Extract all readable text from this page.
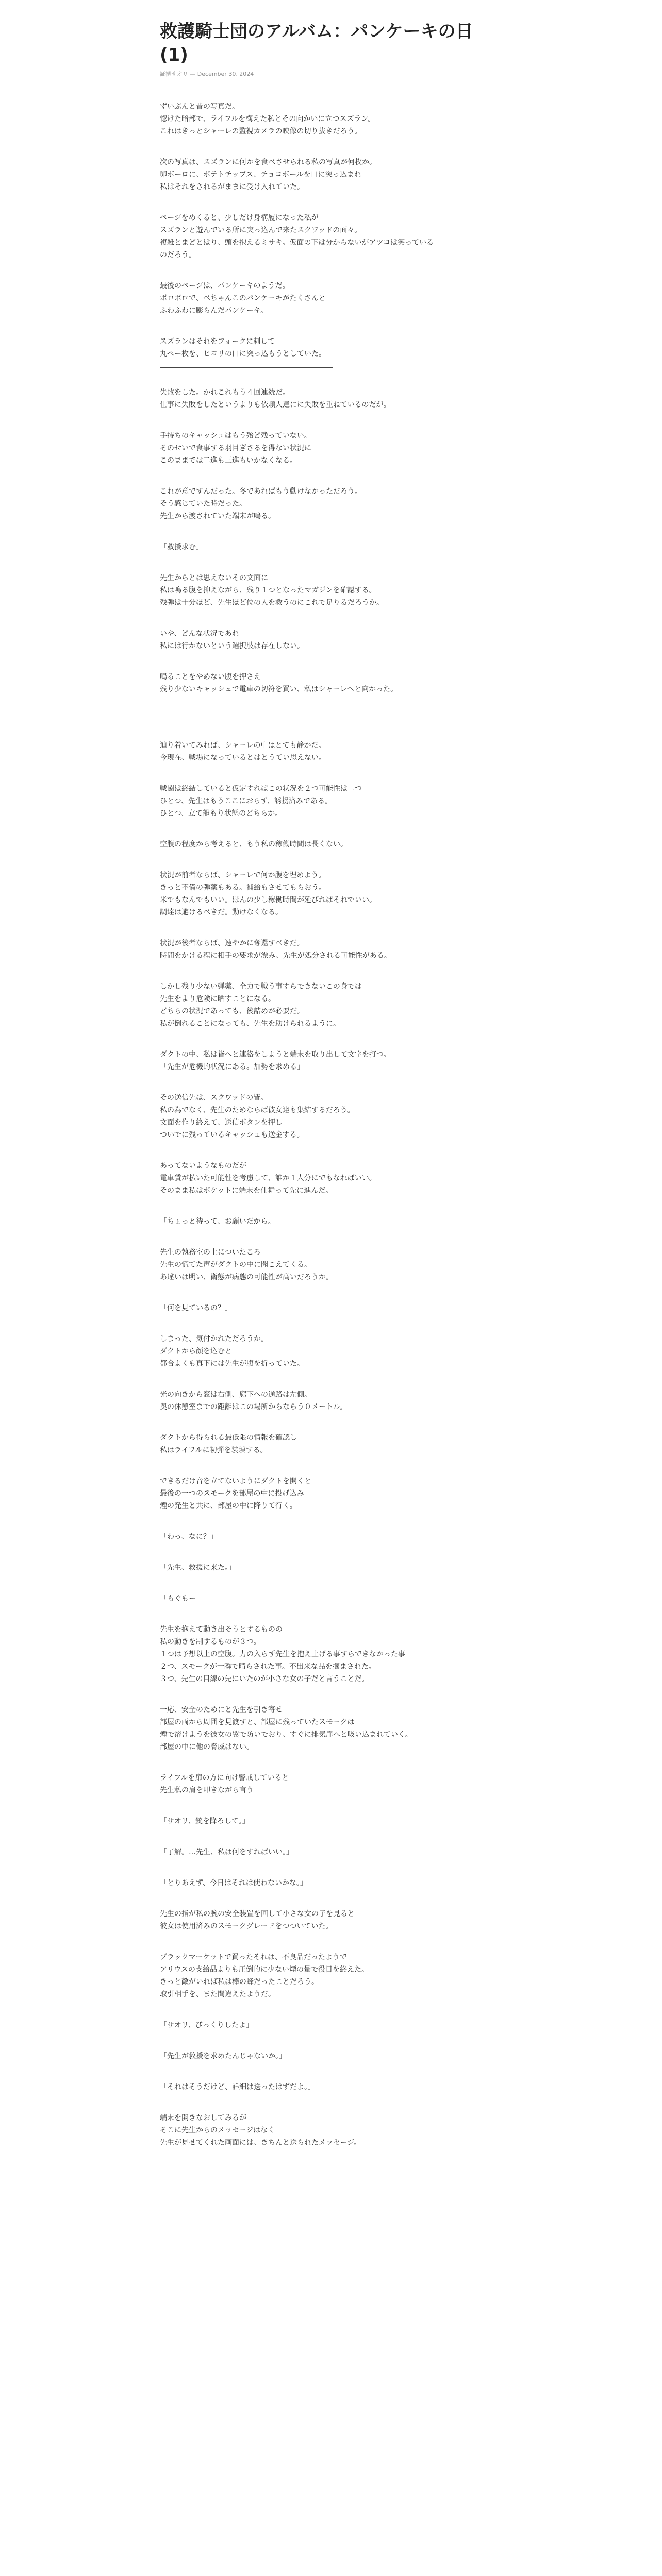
救護騎士団のアルバム：パンケーキの日(1)
証拠サオリ — December 30, 2024
ずいぶんと昔の写真だ。
惚けた暗部で、ライフルを構えた私とその向かいに立つスズラン。
これはきっとシャーレの監視カメラの映像の切り抜きだろう。
次の写真は、スズランに何かを食べさせられる私の写真が何枚か。
卵ボーロに、ポテトチップス、チョコボールを口に突っ込まれ
私はそれをされるがままに受け入れていた。
ページをめくると、少しだけ身構履になった私が
スズランと遊んでいる所に突っ込んで来たスクワッドの面々。
複雑とまどとはり、頭を抱えるミサキ。仮面の下は分からないがアツコは笑っている
のだろう。
最後のページは、パンケーキのようだ。
ボロボロで、ベちゃんこのパンケーキがたくさんと
ふわふわに膨らんだパンケーキ。
スズランはそれをフォークに刺して
丸ぺー枚を、ヒヨリの口に突っ込もうとしていた。
失敗をした。かれこれもう４回連続だ。
仕事に失敗をしたというよりも依頼人達にに失敗を重ねているのだが。
手持ちのキャッシュはもう殆ど残っていない。
そのせいで食事する羽目ぎさるを得ない状況に
このままでは二進も三進もいかなくなる。
これが意ですんだった。冬であればもう動けなかっただろう。
そう感じていた時だった。
先生から渡されていた端末が鳴る。
「救援求む」
先生からとは思えないその文面に
私は鳴る腹を抑えながら、残り１つとなったマガジンを確認する。
残弾は十分ほど、先生ほど位の人を救うのにこれで足りるだろうか。
いや、どんな状況であれ
私には行かないという選択肢は存在しない。
鳴ることをやめない腹を押さえ
残り少ないキャッシュで電車の切符を買い、私はシャーレへと向かった。
辿り着いてみれば、シャーレの中はとても静かだ。
今現在、戦場になっているとはとうてい思えない。
戦闘は終結していると仮定すればこの状況を２つ可能性は二つ
ひとつ、先生はもうここにおらず、誘拐済みである。
ひとつ、立て籠もり状態のどちらか。
空腹の程度から考えると、もう私の稼働時間は長くない。
状況が前者ならば、シャーレで何か腹を埋めよう。
きっと不備の弾薬もある。補給もさせてもらおう。
米でもなんでもいい。ほんの少し稼働時間が延びればそれでいい。
調達は避けるべきだ。動けなくなる。
状況が後者ならば、速やかに奪還すべきだ。
時間をかける程に相手の要求が漂み、先生が処分される可能性がある。
しかし残り少ない弾薬、全力で戦う事すらできないこの身では
先生をより危険に晒すことになる。
どちらの状況であっても、後詰めが必要だ。
私が倒れることになっても、先生を助けられるように。
ダクトの中、私は皆へと連絡をしようと端末を取り出して文字を打つ。
「先生が危機的状況にある。加勢を求める」
その送信先は、スクワッドの皆。
私の為でなく、先生のためならば彼女達も集結するだろう。
文面を作り終えて、送信ボタンを押し
ついでに残っているキャッシュも送金する。
あってないようなものだが
電車賃が払いた可能性を考慮して、誰か１人分にでもなればいい。
そのまま私はポケットに端末を仕舞って先に進んだ。
「ちょっと待って、お願いだから。」
先生の執務室の上についたころ
先生の慌てた声がダクトの中に聞こえてくる。
あ違いは明い、衛態が病態の可能性が高いだろうか。
「何を見ているの？」
しまった、気付かれただろうか。
ダクトから顔を込むと
都合よくも真下には先生が腹を折っていた。
光の向きから窓は右側、廊下への通路は左側。
奥の休憩室までの距離はこの場所からならう０メートル。
ダクトから得られる最低限の情報を確認し
私はライフルに初弾を装填する。
できるだけ音を立てないようにダクトを開くと
最後の一つのスモークを部屋の中に投げ込み
煙の発生と共に、部屋の中に降りて行く。
「わっ、なに？」
「先生、救援に来た。」
「もぐもー」
先生を抱えて動き出そうとするものの
私の動きを制するものが３つ。
１つは予想以上の空腹。力の入らず先生を抱え上げる事すらできなかった事
２つ、スモークが一瞬で晴らされた事。不出来な品を摑まされた。
３つ、先生の目線の先にいたのが小さな女の子だと言うことだ。
一応、安全のためにと先生を引き寄せ
部屋の両から周囲を見渡すと、部屋に残っていたスモークは
煙で溶けようを彼女の翼で防いでおり、すぐに排気扉へと吸い込まれていく。
部屋の中に他の脅威はない。
ライフルを扉の方に向け警戒していると
先生私の肩を叩きながら言う
「サオリ、銃を降ろして。」
「了解。…先生、私は何をすればいい。」
「とりあえず、今日はそれは使わないかな。」
先生の指が私の腕の安全装置を回して小さな女の子を見ると
彼女は使用済みのスモークグレードをつついていた。
ブラックマーケットで買ったそれは、不良品だったようで
アリウスの支給品よりも圧倒的に少ない煙の量で役目を終えた。
きっと敵がいれば私は棒の蜂だったことだろう。
取引相手を、また間違えたようだ。
「サオリ、びっくりしたよ」
「先生が救援を求めたんじゃないか。」
「それはそうだけど、詳細は送ったはずだよ。」
端末を開きなおしてみるが
そこに先生からのメッセージはなく
先生が見せてくれた画面には、きちんと送られたメッセージ。
